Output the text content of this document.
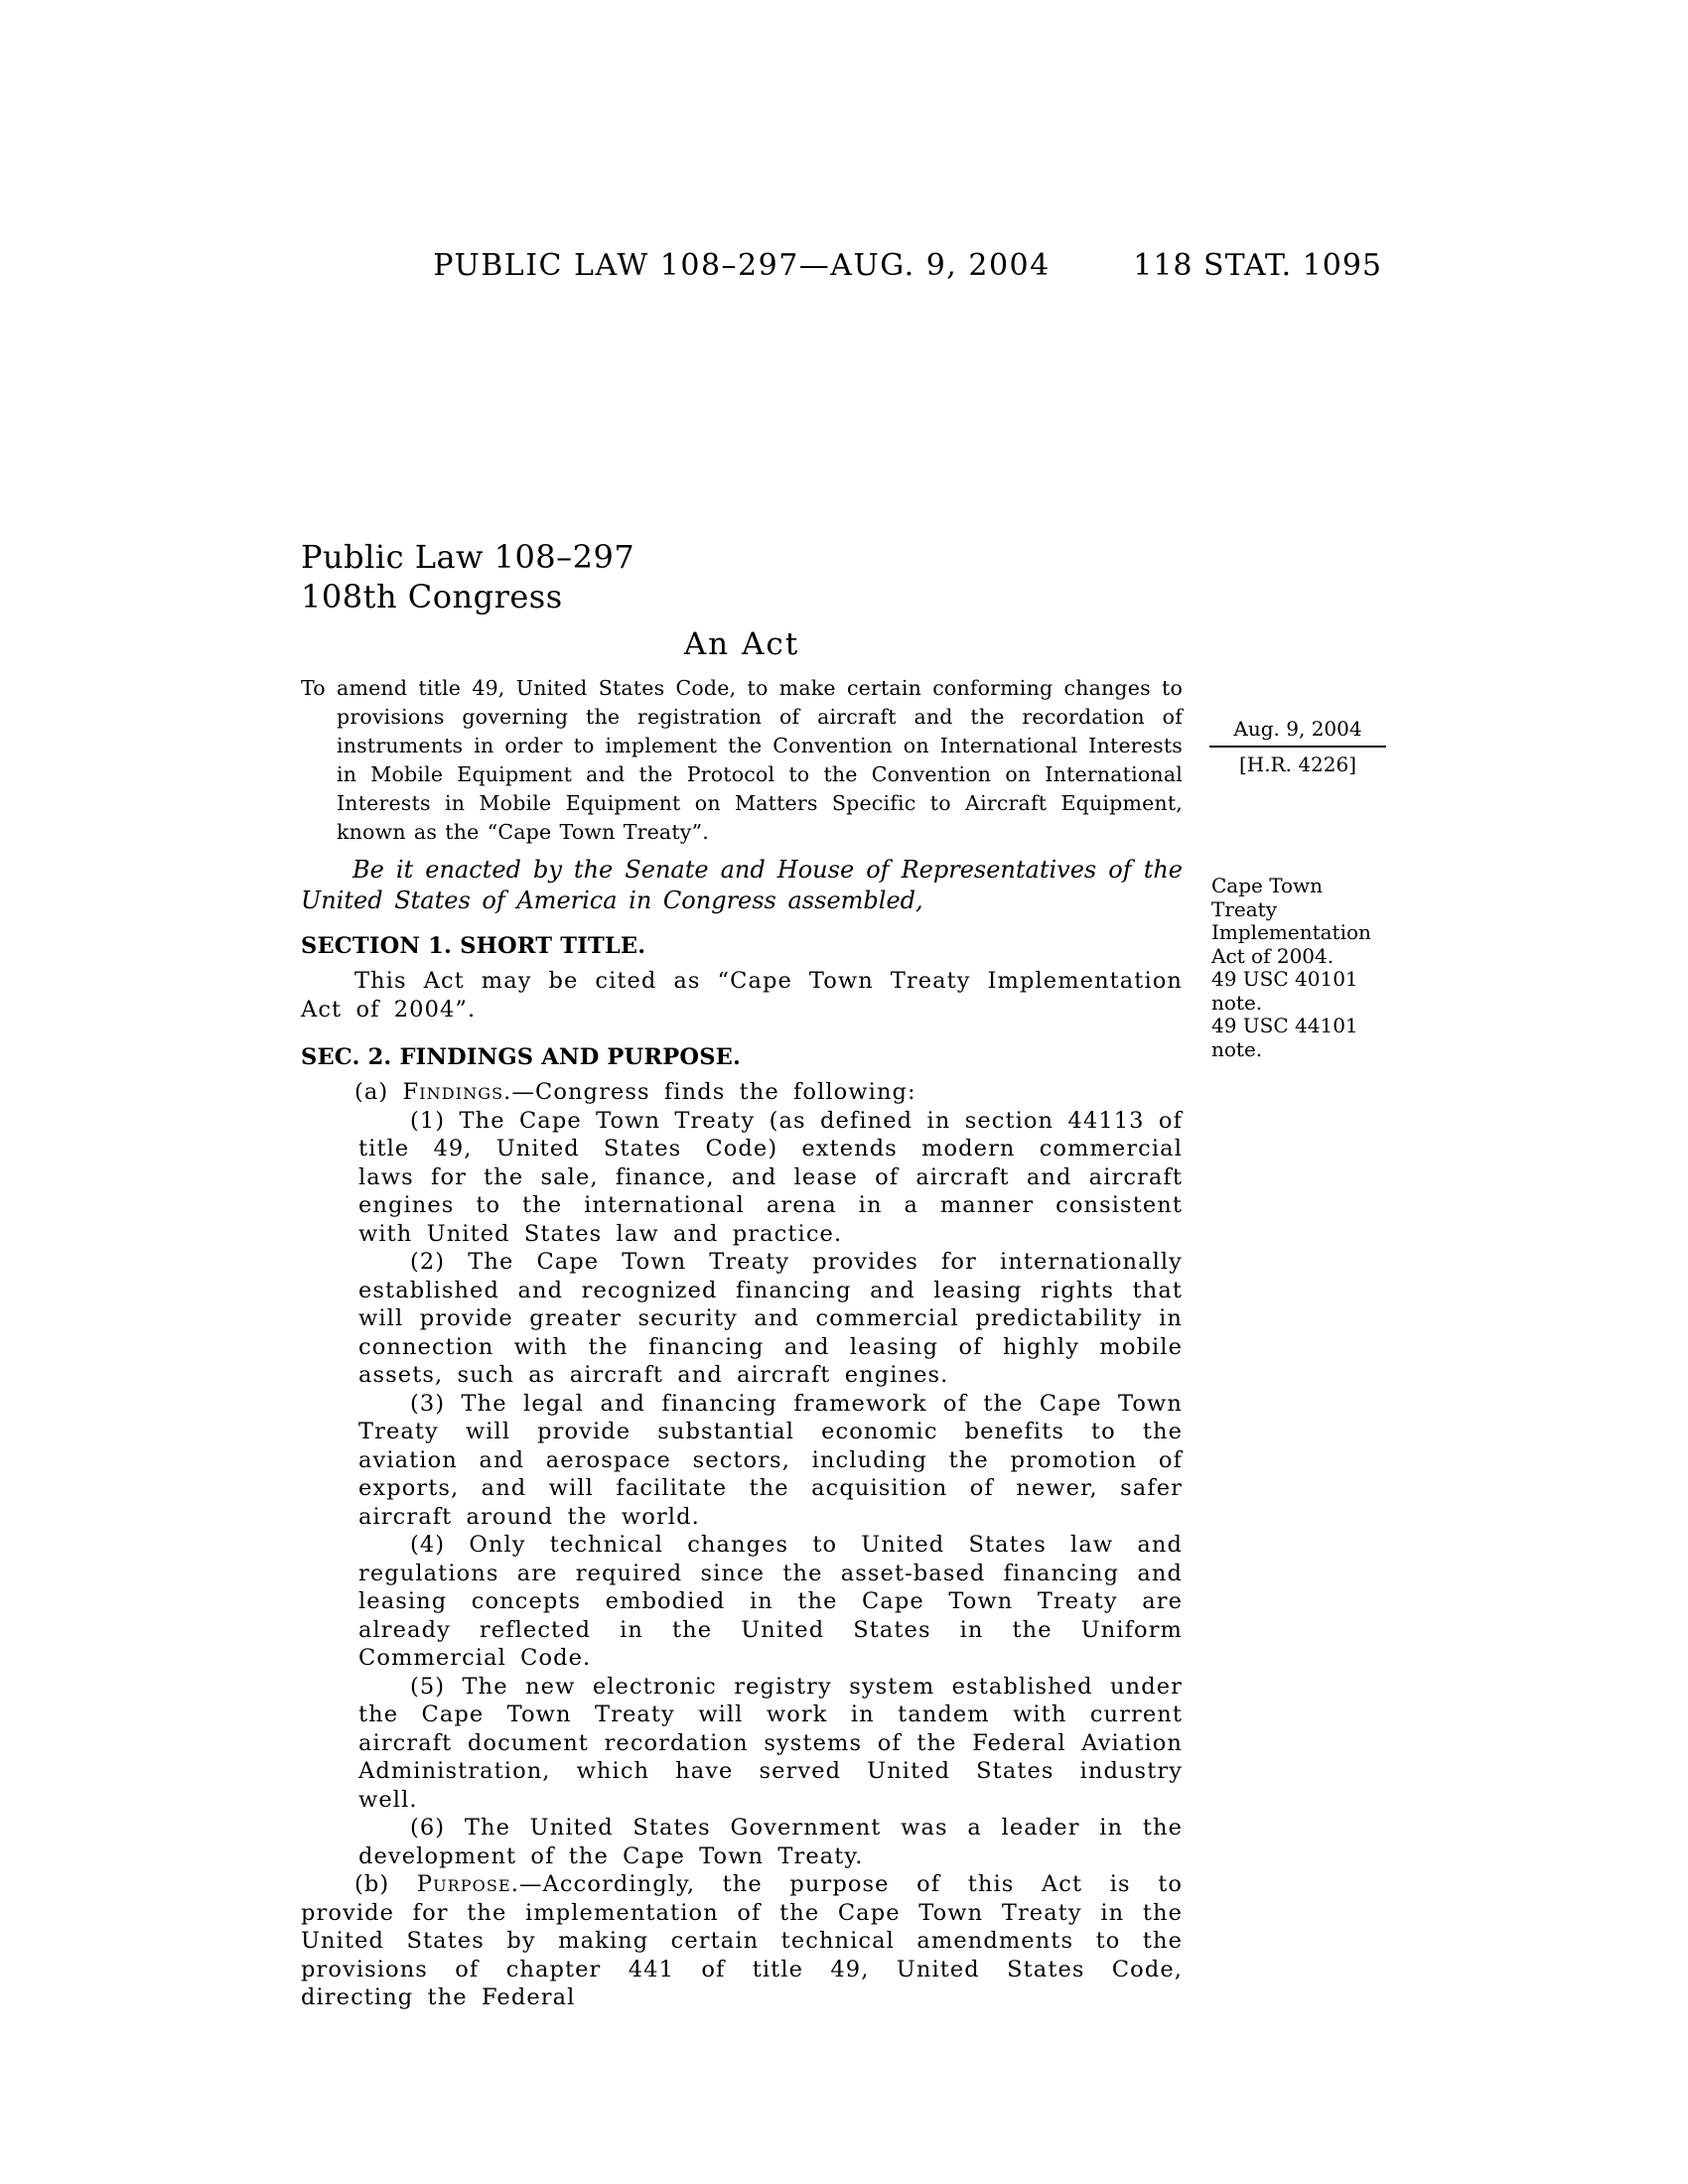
PUBLIC LAW 108–297—AUG. 9, 2004	118 STAT. 1095
Aug. 9, 2004
[H.R. 4226]
Cape Town
Treaty
Implementation
Act of 2004.
49 USC 40101
note.
49 USC 44101
note.
Public Law 108–297
108th Congress
An Act

To amend title 49, United States Code, to make certain conforming changes to provisions governing the registration of aircraft and the recordation of instruments in order to implement the Convention on International Interests in Mobile Equipment and the Protocol to the Convention on International Interests in Mobile Equipment on Matters Specific to Aircraft Equipment, known as the “Cape Town Treaty”.

Be it enacted by the Senate and House of Representatives of the United States of America in Congress assembled,

SECTION 1. SHORT TITLE.

This Act may be cited as “Cape Town Treaty Implementation Act of 2004”.

SEC. 2. FINDINGS AND PURPOSE.

(a) Findings.—Congress finds the following:

(1) The Cape Town Treaty (as defined in section 44113 of title 49, United States Code) extends modern commercial laws for the sale, finance, and lease of aircraft and aircraft engines to the international arena in a manner consistent with United States law and practice.

(2) The Cape Town Treaty provides for internationally established and recognized financing and leasing rights that will provide greater security and commercial predictability in connection with the financing and leasing of highly mobile assets, such as aircraft and aircraft engines.

(3) The legal and financing framework of the Cape Town Treaty will provide substantial economic benefits to the aviation and aerospace sectors, including the promotion of exports, and will facilitate the acquisition of newer, safer aircraft around the world.

(4) Only technical changes to United States law and regulations are required since the asset-based financing and leasing concepts embodied in the Cape Town Treaty are already reflected in the United States in the Uniform Commercial Code.

(5) The new electronic registry system established under the Cape Town Treaty will work in tandem with current aircraft document recordation systems of the Federal Aviation Administration, which have served United States industry well.

(6) The United States Government was a leader in the development of the Cape Town Treaty.

(b) Purpose.—Accordingly, the purpose of this Act is to provide for the implementation of the Cape Town Treaty in the United States by making certain technical amendments to the provisions of chapter 441 of title 49, United States Code, directing the Federal
